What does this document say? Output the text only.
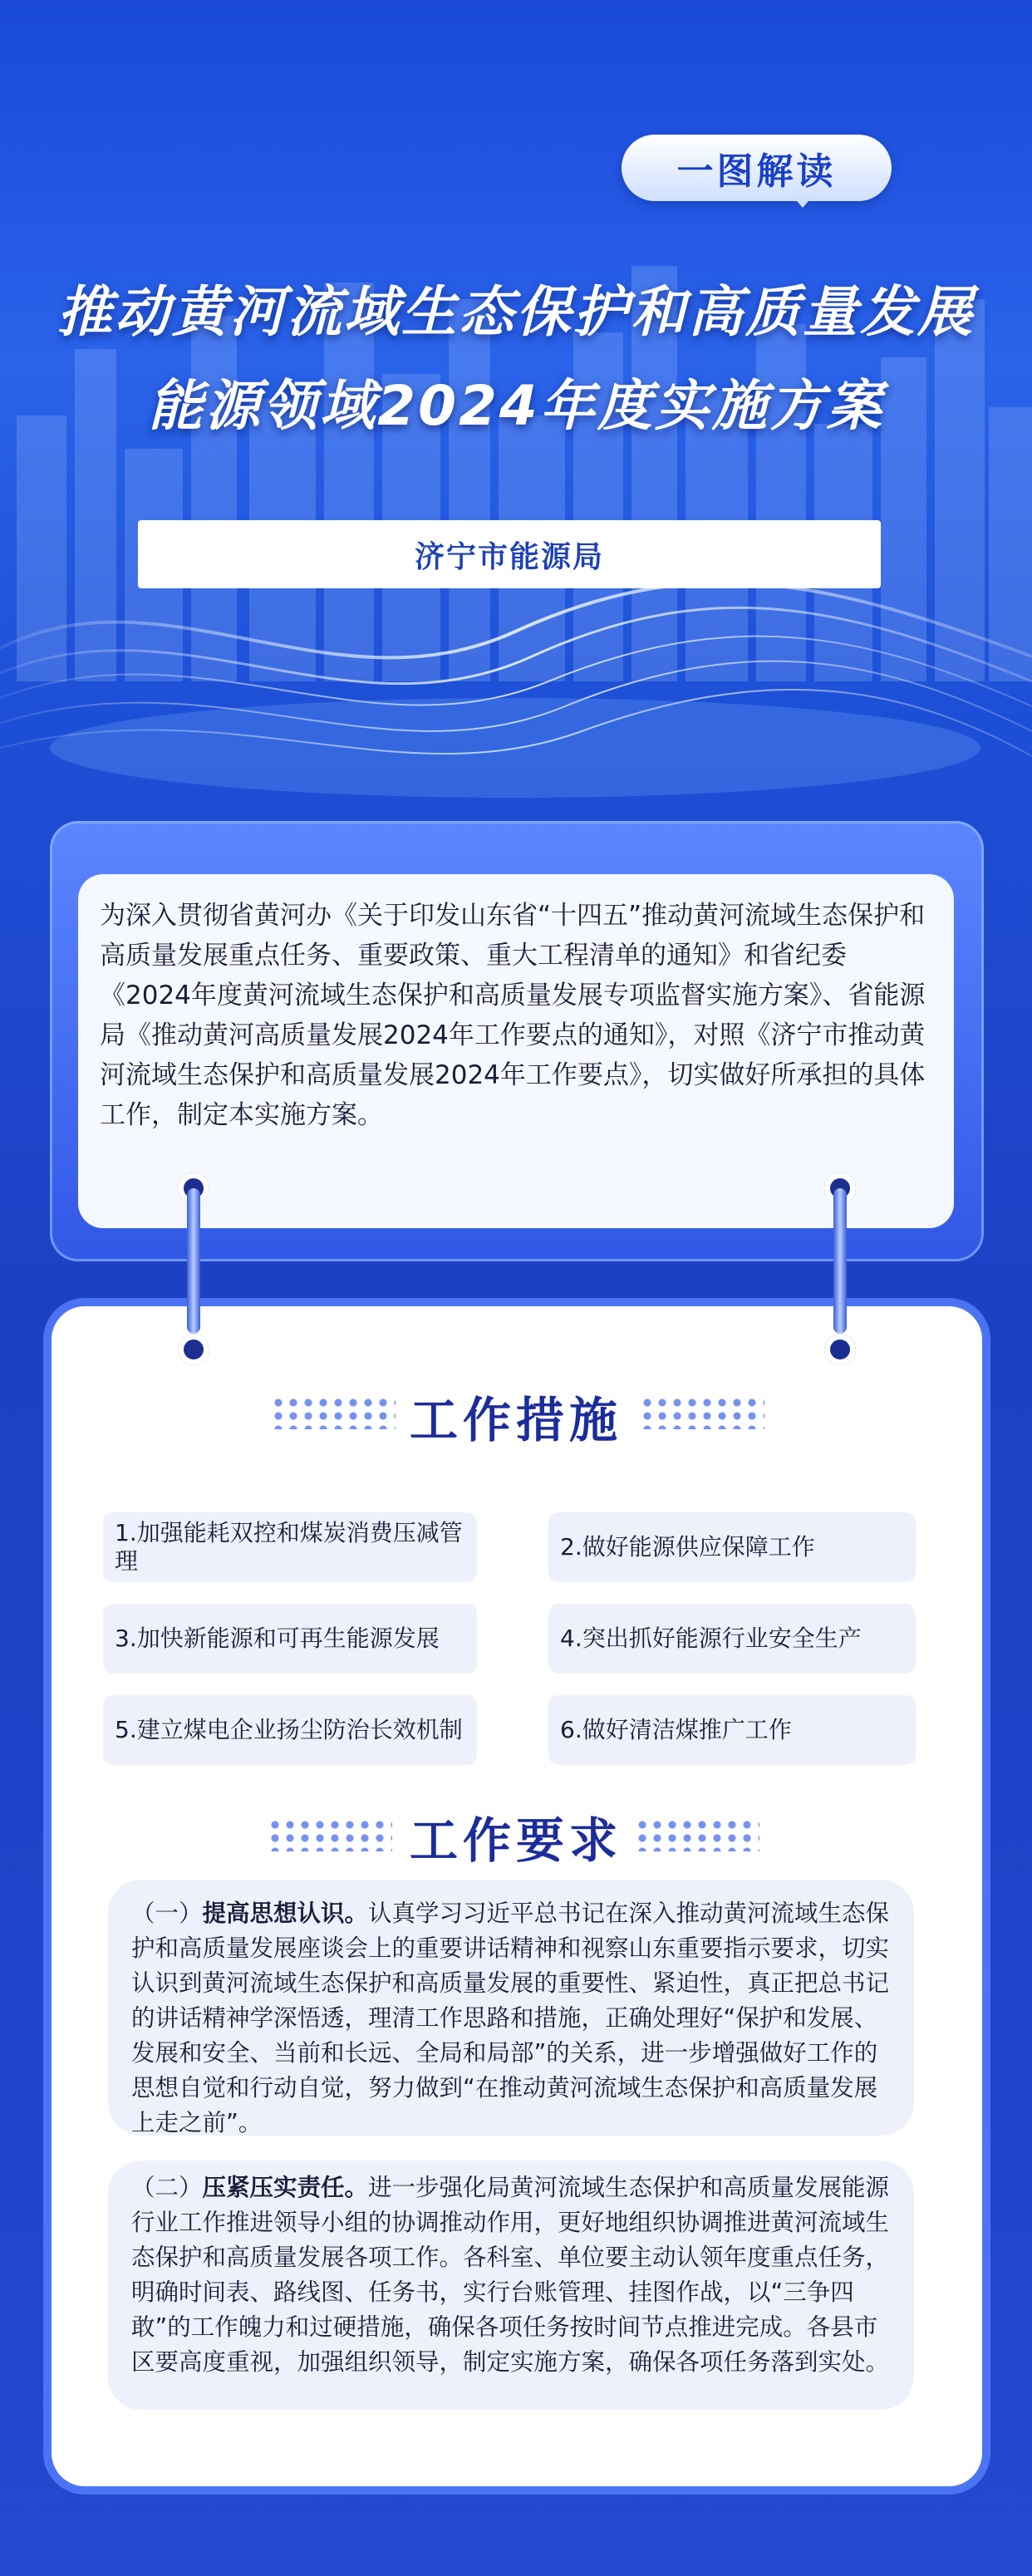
一图解读
推动黄河流域生态保护和高质量发展
能源领域2024年度实施方案
济宁市能源局
为深入贯彻省黄河办《关于印发山东省“十四五”推动黄河流域生态保护和高质量发展重点任务、重要政策、重大工程清单的通知》和省纪委《2024年度黄河流域生态保护和高质量发展专项监督实施方案》、省能源局《推动黄河高质量发展2024年工作要点的通知》，对照《济宁市推动黄河流域生态保护和高质量发展2024年工作要点》，切实做好所承担的具体工作，制定本实施方案。
工作措施
1.加强能耗双控和煤炭消费压减管理
2.做好能源供应保障工作
3.加快新能源和可再生能源发展	4.突出抓好能源行业安全生产
5.建立煤电企业扬尘防治长效机制	6.做好清洁煤推广工作
工作要求
（一）提高思想认识。认真学习习近平总书记在深入推动黄河流域生态保护和高质量发展座谈会上的重要讲话精神和视察山东重要指示要求，切实认识到黄河流域生态保护和高质量发展的重要性、紧迫性，真正把总书记的讲话精神学深悟透，理清工作思路和措施，正确处理好“保护和发展、发展和安全、当前和长远、全局和局部”的关系，进一步增强做好工作的思想自觉和行动自觉，努力做到“在推动黄河流域生态保护和高质量发展上走之前”。
（二）压紧压实责任。进一步强化局黄河流域生态保护和高质量发展能源行业工作推进领导小组的协调推动作用，更好地组织协调推进黄河流域生态保护和高质量发展各项工作。各科室、单位要主动认领年度重点任务，明确时间表、路线图、任务书，实行台账管理、挂图作战，以“三争四敢”的工作魄力和过硬措施，确保各项任务按时间节点推进完成。各县市区要高度重视，加强组织领导，制定实施方案，确保各项任务落到实处。
